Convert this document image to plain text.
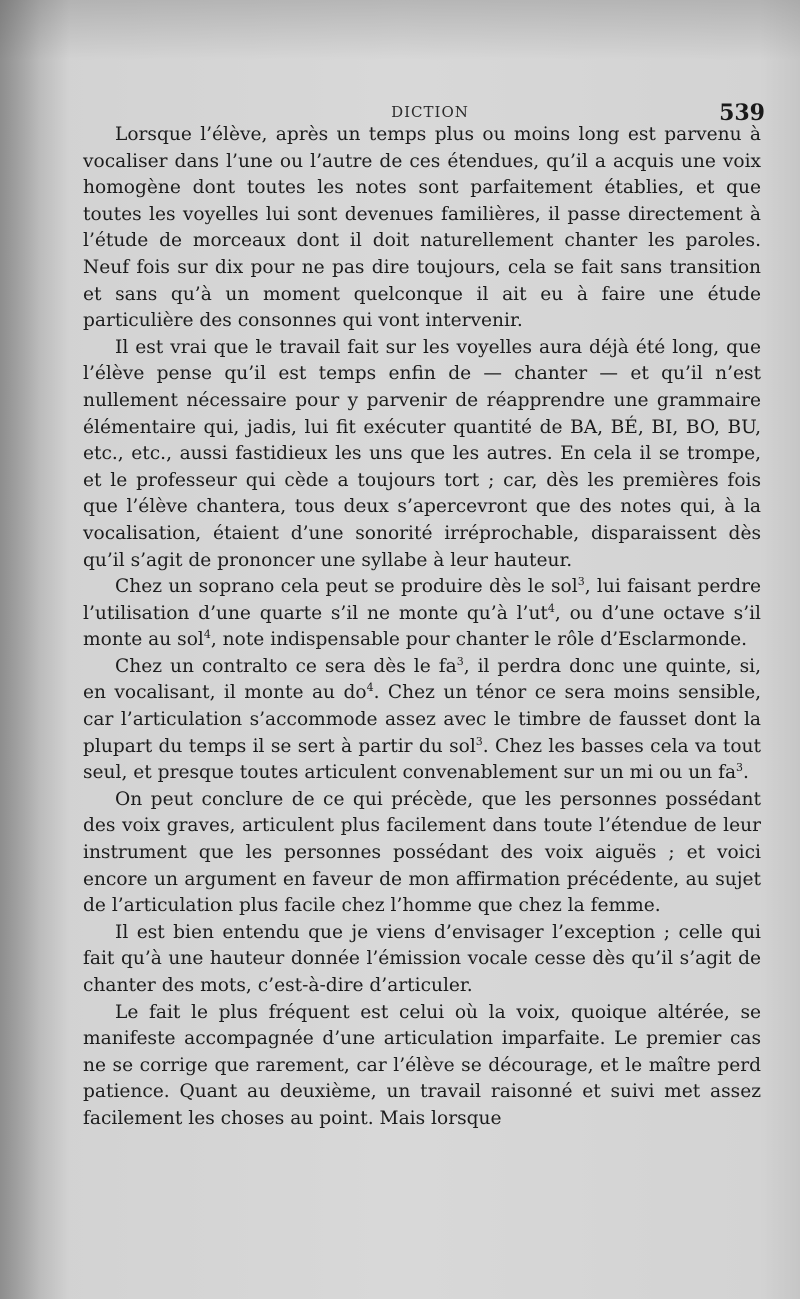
DICTION	539

Lorsque l’élève, après un temps plus ou moins long est parvenu à vocaliser dans l’une ou l’autre de ces étendues, qu’il a acquis une voix homogène dont toutes les notes sont parfaitement établies, et que toutes les voyelles lui sont devenues familières, il passe directement à l’étude de morceaux dont il doit naturellement chanter les paroles. Neuf fois sur dix pour ne pas dire toujours, cela se fait sans transition et sans qu’à un moment quelconque il ait eu à faire une étude particulière des consonnes qui vont intervenir.

Il est vrai que le travail fait sur les voyelles aura déjà été long, que l’élève pense qu’il est temps enfin de — chanter — et qu’il n’est nullement nécessaire pour y parvenir de réapprendre une grammaire élémentaire qui, jadis, lui fit exécuter quantité de BA, BÉ, BI, BO, BU, etc., etc., aussi fastidieux les uns que les autres. En cela il se trompe, et le professeur qui cède a toujours tort ; car, dès les premières fois que l’élève chantera, tous deux s’apercevront que des notes qui, à la vocalisation, étaient d’une sonorité irréprochable, disparaissent dès qu’il s’agit de prononcer une syllabe à leur hauteur.

Chez un soprano cela peut se produire dès le sol$^3$, lui faisant perdre l’utilisation d’une quarte s’il ne monte qu’à $l’ut^4$, ou d’une octave s’il monte au sol$^4$, note indispensable pour chanter le rôle d’Esclarmonde.

Chez un contralto ce sera dès le $fa^3$, il perdra donc une quinte, si, en vocalisant, il monte au $do^4$. Chez un ténor ce sera moins sensible, car l’articulation s’accommode assez avec le timbre de fausset dont la plupart du temps il se sert à partir du sol$^3$. Chez les basses cela va tout seul, et presque toutes articulent convenablement sur un mi ou un $fa^3$.

On peut conclure de ce qui précède, que les personnes possédant des voix graves, articulent plus facilement dans toute l’étendue de leur instrument que les personnes possédant des voix aiguës ; et voici encore un argument en faveur de mon affirmation précédente, au sujet de l’articulation plus facile chez l’homme que chez la femme.

Il est bien entendu que je viens d’envisager l’exception ; celle qui fait qu’à une hauteur donnée l’émission vocale cesse dès qu’il s’agit de chanter des mots, c’est-à-dire d’articuler.

Le fait le plus fréquent est celui où la voix, quoique altérée, se manifeste accompagnée d’une articulation imparfaite. Le premier cas ne se corrige que rarement, car l’élève se décourage, et le maître perd patience. Quant au deuxième, un travail raisonné et suivi met assez facilement les choses au point. Mais lorsque
